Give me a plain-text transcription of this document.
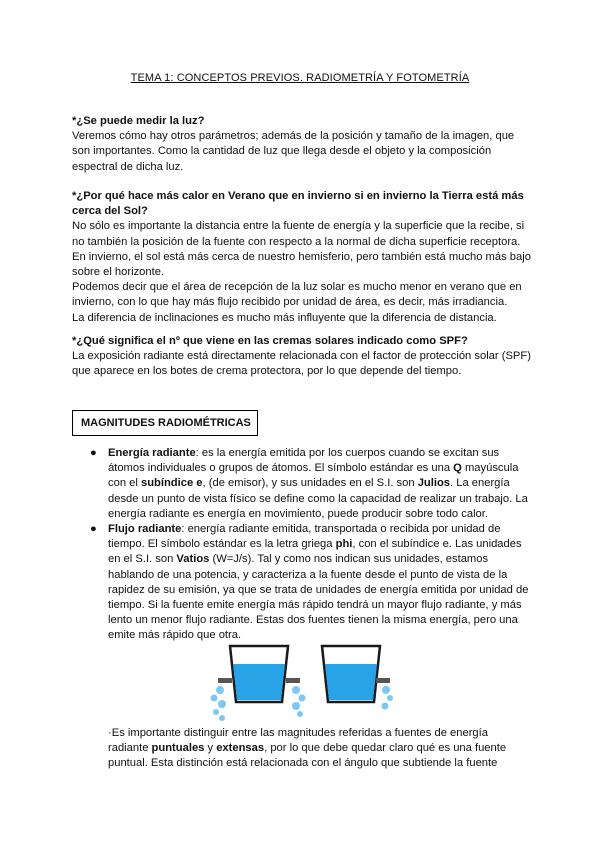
TEMA 1: CONCEPTOS PREVIOS. RADIOMETRÍA Y FOTOMETRÍA
*¿Se puede medir la luz?
Veremos cómo hay otros parámetros; además de la posición y tamaño de la imagen, que son importantes. Como la cantidad de luz que llega desde el objeto y la composición espectral de dicha luz.
*¿Por qué hace más calor en Verano que en invierno si en invierno la Tierra está más cerca del Sol?
No sólo es importante la distancia entre la fuente de energía y la superficie que la recibe, si no también la posición de la fuente con respecto a la normal de dicha superficie receptora.
En invierno, el sol está más cerca de nuestro hemisferio, pero también está mucho más bajo sobre el horizonte.
Podemos decir que el área de recepción de la luz solar es mucho menor en verano que en invierno, con lo que hay más flujo recibido por unidad de área, es decir, más irradiancia.
La diferencia de inclinaciones es mucho más influyente que la diferencia de distancia.
*¿Qué significa el nº que viene en las cremas solares indicado como SPF?
La exposición radiante está directamente relacionada con el factor de protección solar (SPF) que aparece en los botes de crema protectora, por lo que depende del tiempo.
MAGNITUDES RADIOMÉTRICAS
● Energía radiante: es la energía emitida por los cuerpos cuando se excitan sus átomos individuales o grupos de átomos. El símbolo estándar es una Q mayúscula con el subíndice e, (de emisor), y sus unidades en el S.I. son Julios. La energía desde un punto de vista físico se define como la capacidad de realizar un trabajo. La energía radiante es energía en movimiento, puede producir sobre todo calor.
● Flujo radiante: energía radiante emitida, transportada o recibida por unidad de tiempo. El símbolo estándar es la letra griega phi, con el subíndice e. Las unidades en el S.I. son Vatios (W=J/s). Tal y como nos indican sus unidades, estamos hablando de una potencia, y caracteriza a la fuente desde el punto de vista de la rapidez de su emisión, ya que se trata de unidades de energía emitida por unidad de tiempo. Si la fuente emite energía más rápido tendrá un mayor flujo radiante, y más lento un menor flujo radiante. Estas dos fuentes tienen la misma energía, pero una emite más rápido que otra.
·Es importante distinguir entre las magnitudes referidas a fuentes de energía radiante puntuales y extensas, por lo que debe quedar claro qué es una fuente puntual. Esta distinción está relacionada con el ángulo que subtiende la fuente
